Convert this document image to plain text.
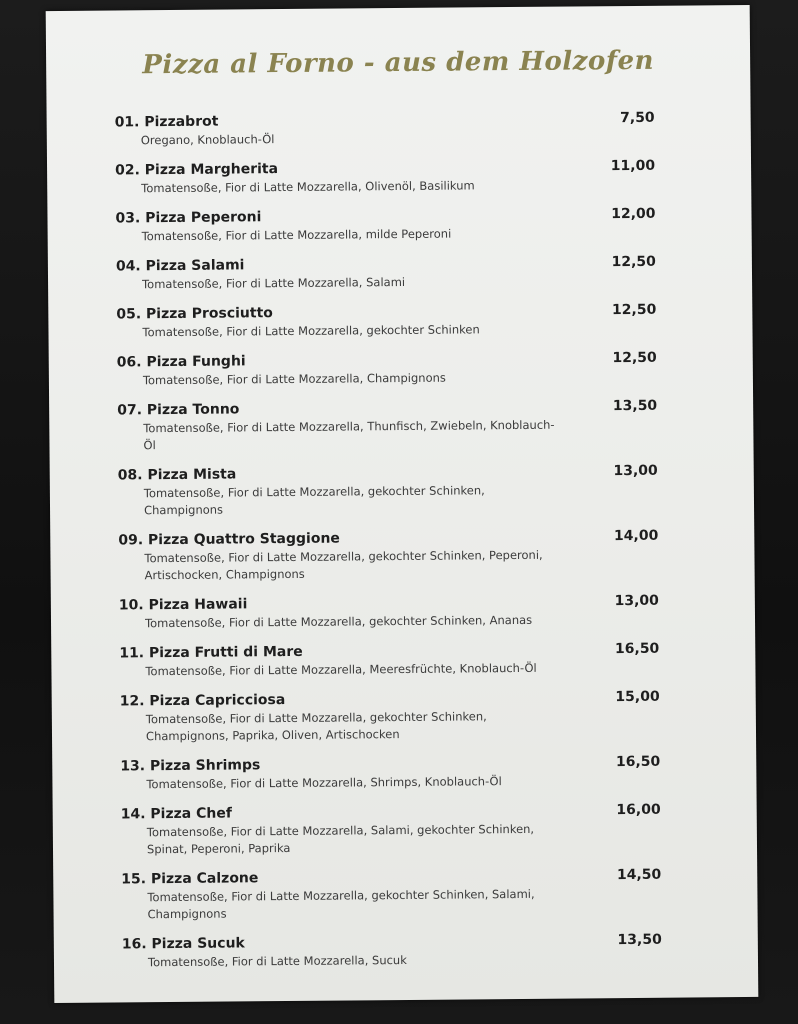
Pizza al Forno - aus dem Holzofen
01. Pizzabrot
Oregano, Knoblauch-Öl
7,50
02. Pizza Margherita
Tomatensoße, Fior di Latte Mozzarella, Olivenöl, Basilikum
11,00
03. Pizza Peperoni
Tomatensoße, Fior di Latte Mozzarella, milde Peperoni
12,00
04. Pizza Salami
Tomatensoße, Fior di Latte Mozzarella, Salami
12,50
05. Pizza Prosciutto
Tomatensoße, Fior di Latte Mozzarella, gekochter Schinken
12,50
06. Pizza Funghi
Tomatensoße, Fior di Latte Mozzarella, Champignons
12,50
07. Pizza Tonno
Tomatensoße, Fior di Latte Mozzarella, Thunfisch, Zwiebeln, Knoblauch-Öl
13,50
08. Pizza Mista
Tomatensoße, Fior di Latte Mozzarella, gekochter Schinken, Champignons
13,00
09. Pizza Quattro Staggione
Tomatensoße, Fior di Latte Mozzarella, gekochter Schinken, Peperoni, Artischocken, Champignons
14,00
10. Pizza Hawaii
Tomatensoße, Fior di Latte Mozzarella, gekochter Schinken, Ananas
13,00
11. Pizza Frutti di Mare
Tomatensoße, Fior di Latte Mozzarella, Meeresfrüchte, Knoblauch-Öl
16,50
12. Pizza Capricciosa
Tomatensoße, Fior di Latte Mozzarella, gekochter Schinken, Champignons, Paprika, Oliven, Artischocken
15,00
13. Pizza Shrimps
Tomatensoße, Fior di Latte Mozzarella, Shrimps, Knoblauch-Öl
16,50
14. Pizza Chef
Tomatensoße, Fior di Latte Mozzarella, Salami, gekochter Schinken, Spinat, Peperoni, Paprika
16,00
15. Pizza Calzone
Tomatensoße, Fior di Latte Mozzarella, gekochter Schinken, Salami, Champignons
14,50
16. Pizza Sucuk
Tomatensoße, Fior di Latte Mozzarella, Sucuk
13,50
